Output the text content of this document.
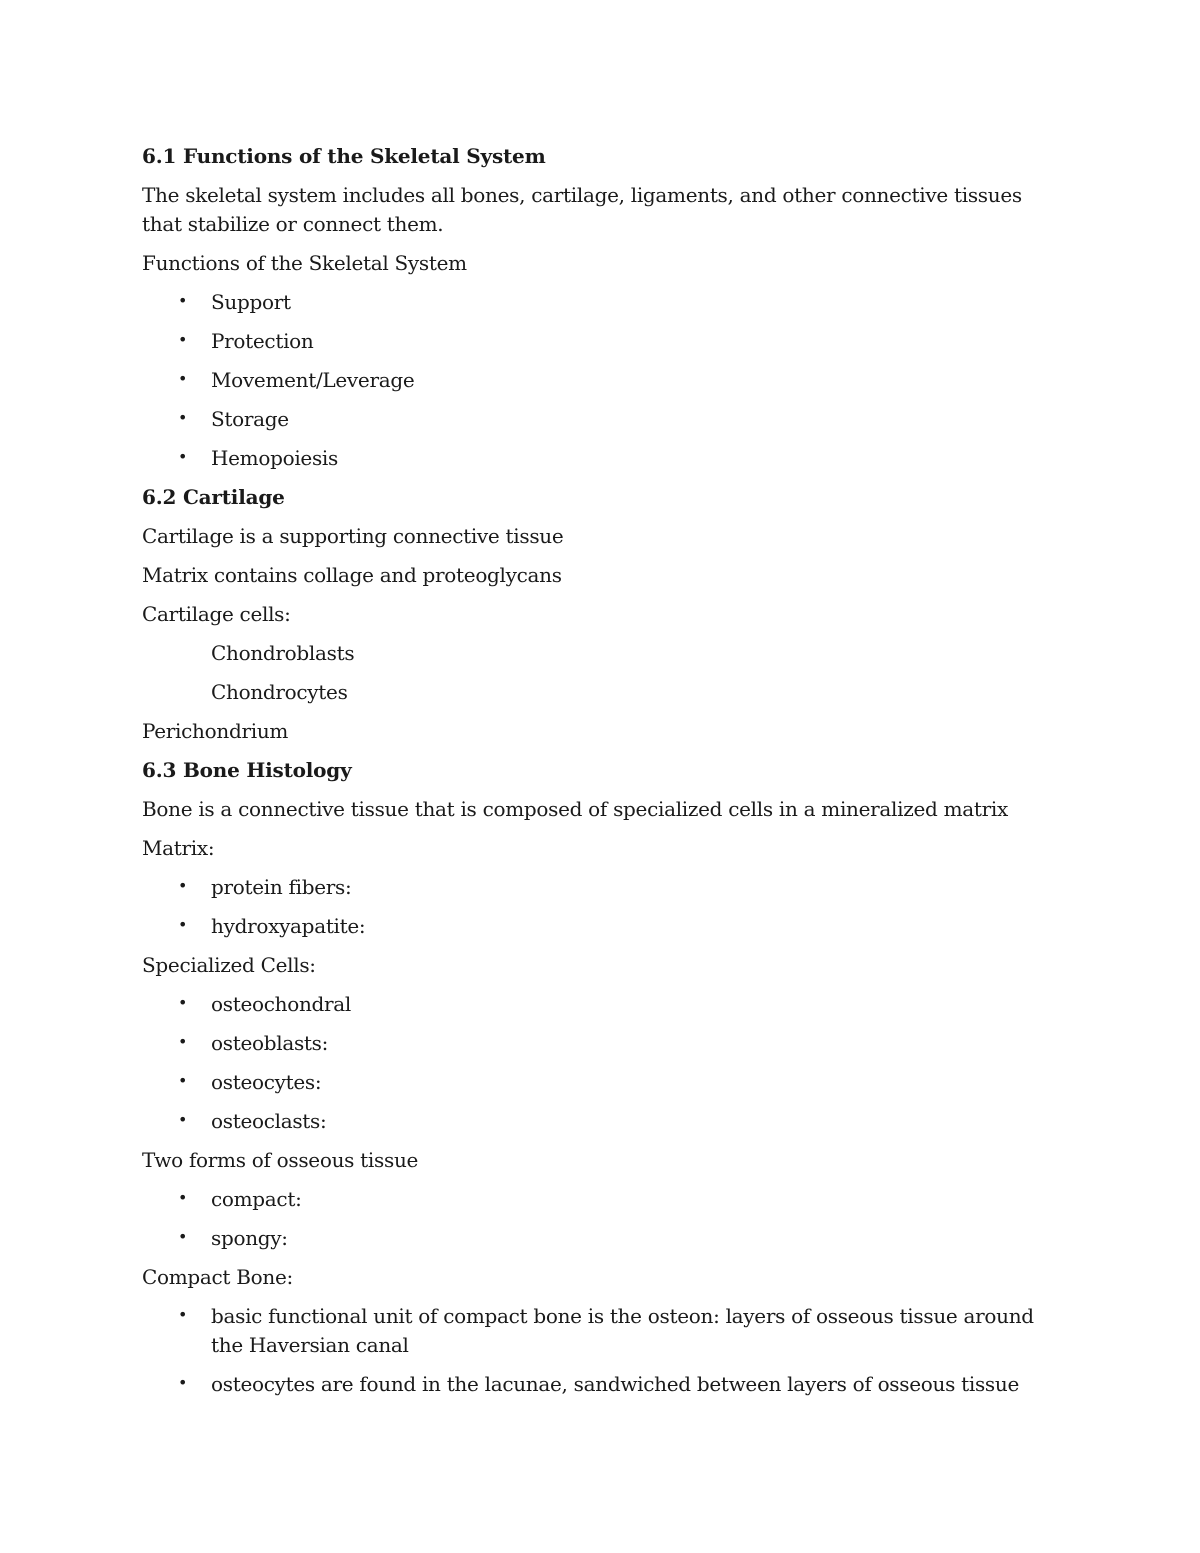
6.1 Functions of the Skeletal System
The skeletal system includes all bones, cartilage, ligaments, and other connective tissues that stabilize or connect them.
Functions of the Skeletal System
• Support
• Protection
• Movement/Leverage
• Storage
• Hemopoiesis
6.2 Cartilage
Cartilage is a supporting connective tissue
Matrix contains collage and proteoglycans
Cartilage cells:
Chondroblasts
Chondrocytes
Perichondrium
6.3 Bone Histology
Bone is a connective tissue that is composed of specialized cells in a mineralized matrix
Matrix:
• protein fibers:
• hydroxyapatite:
Specialized Cells:
• osteochondral
• osteoblasts:
• osteocytes:
• osteoclasts:
Two forms of osseous tissue
• compact:
• spongy:
Compact Bone:
• basic functional unit of compact bone is the osteon: layers of osseous tissue around the Haversian canal
• osteocytes are found in the lacunae, sandwiched between layers of osseous tissue
